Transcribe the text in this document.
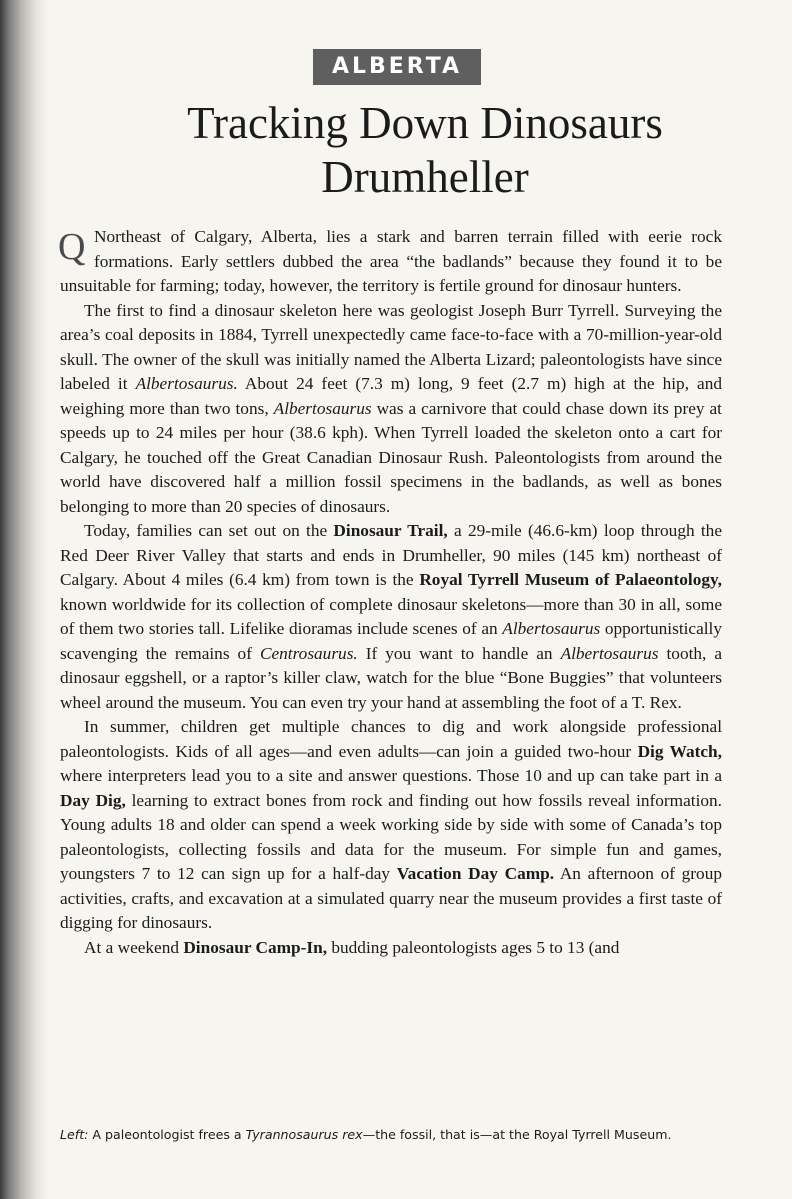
ALBERTA
Tracking Down Dinosaurs
Drumheller

Q Northeast of Calgary, Alberta, lies a stark and barren terrain filled with eerie rock formations. Early settlers dubbed the area “the badlands” because they found it to be unsuitable for farming; today, however, the territory is fertile ground for dinosaur hunters.

The first to find a dinosaur skeleton here was geologist Joseph Burr Tyrrell. Surveying the area’s coal deposits in 1884, Tyrrell unexpectedly came face-to-face with a 70-million-year-old skull. The owner of the skull was initially named the Alberta Lizard; paleontologists have since labeled it Albertosaurus. About 24 feet (7.3 m) long, 9 feet (2.7 m) high at the hip, and weighing more than two tons, Albertosaurus was a carnivore that could chase down its prey at speeds up to 24 miles per hour (38.6 kph). When Tyrrell loaded the skeleton onto a cart for Calgary, he touched off the Great Canadian Dinosaur Rush. Paleontologists from around the world have discovered half a million fossil specimens in the badlands, as well as bones belonging to more than 20 species of dinosaurs.

Today, families can set out on the Dinosaur Trail, a 29-mile (46.6-km) loop through the Red Deer River Valley that starts and ends in Drumheller, 90 miles (145 km) northeast of Calgary. About 4 miles (6.4 km) from town is the Royal Tyrrell Museum of Palaeontology, known worldwide for its collection of complete dinosaur skeletons—more than 30 in all, some of them two stories tall. Lifelike dioramas include scenes of an Albertosaurus opportunistically scavenging the remains of Centrosaurus. If you want to handle an Albertosaurus tooth, a dinosaur eggshell, or a raptor’s killer claw, watch for the blue “Bone Buggies” that volunteers wheel around the museum. You can even try your hand at assembling the foot of a T. Rex.

In summer, children get multiple chances to dig and work alongside professional paleontologists. Kids of all ages—and even adults—can join a guided two-hour Dig Watch, where interpreters lead you to a site and answer questions. Those 10 and up can take part in a Day Dig, learning to extract bones from rock and finding out how fossils reveal information. Young adults 18 and older can spend a week working side by side with some of Canada’s top paleontologists, collecting fossils and data for the museum. For simple fun and games, youngsters 7 to 12 can sign up for a half-day Vacation Day Camp. An afternoon of group activities, crafts, and excavation at a simulated quarry near the museum provides a first taste of digging for dinosaurs.

At a weekend Dinosaur Camp-In, budding paleontologists ages 5 to 13 (and

Left: A paleontologist frees a Tyrannosaurus rex—the fossil, that is—at the Royal Tyrrell Museum.
